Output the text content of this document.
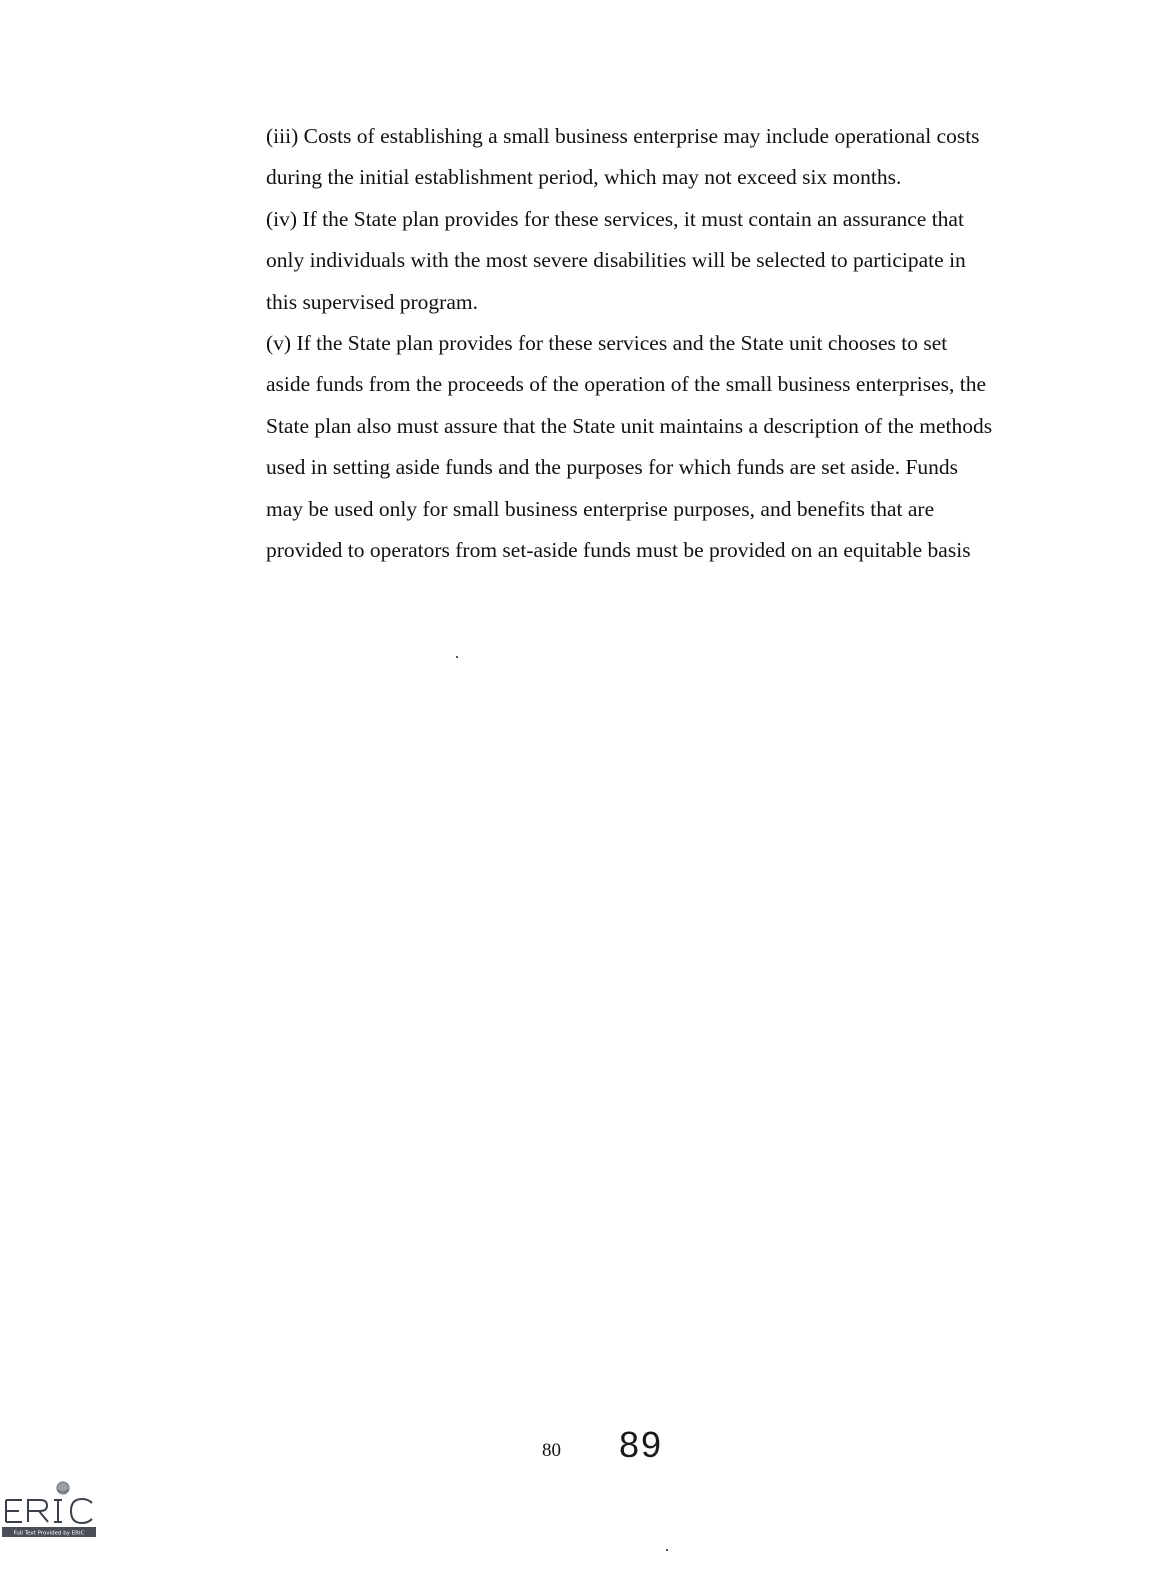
(iii) Costs of establishing a small business enterprise may include operational costs during the initial establishment period, which may not exceed six months.

(iv) If the State plan provides for these services, it must contain an assurance that only individuals with the most severe disabilities will be selected to participate in this supervised program.

(v) If the State plan provides for these services and the State unit chooses to set aside funds from the proceeds of the operation of the small business enterprises, the State plan also must assure that the State unit maintains a description of the methods used in setting aside funds and the purposes for which funds are set aside. Funds may be used only for small business enterprise purposes, and benefits that are provided to operators from set-aside funds must be provided on an equitable basis

80 89
Full Text Provided by ERIC
